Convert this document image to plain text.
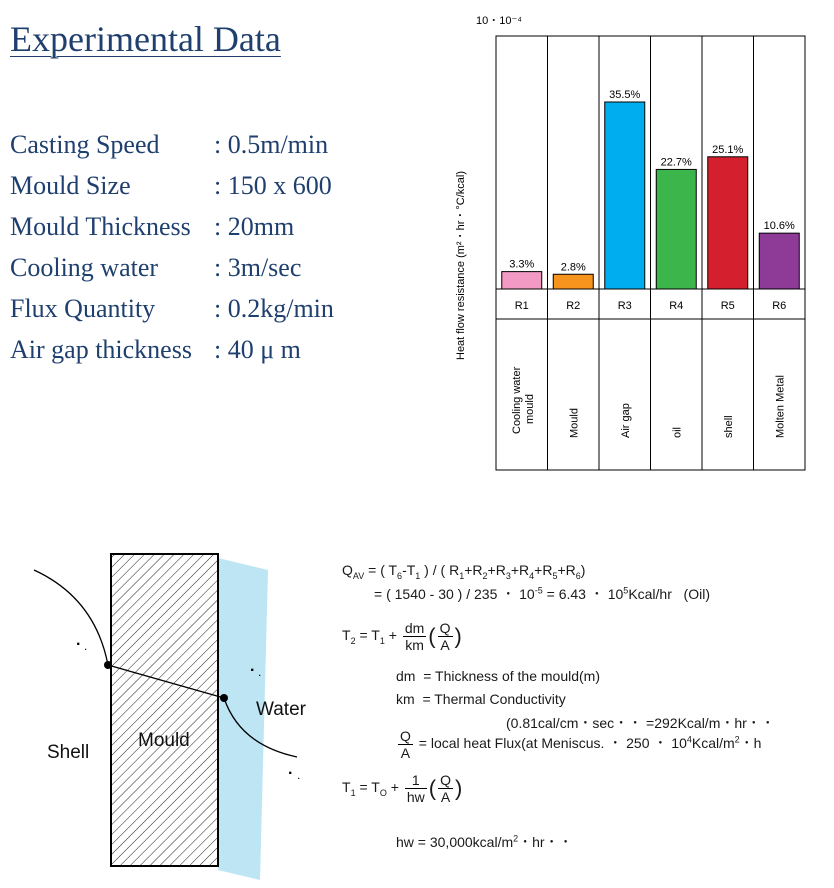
Experimental Data
Casting Speed : 0.5m/min
Mould Size	: 150 x 600
Mould Thickness : 20mm
Cooling water : 3m/sec
Flux Quantity : 0.2kg/min
Air gap thickness : 40 μ m
10・10⁻⁴
Heat flow resistance (m²・hr・°C/kcal)	3.3%
R1
Cooling watermould
2.8%
R2
Mould
35.5%
R3
Air gap
22.7%
R4
oil
25.1%
R5
shell
10.6%
R6
Molten Metal
. .
. .
. .
Shell
Mould
Water
$Q_{AV}$ = ( $T_6-T_1$ ) / ( $R_1+R_2+R_3+R_4+R_5+R_6$)
= ( 1540 - 30 ) / 235 ・ $10^{-5} = 6.43$ ・ $10^5Kcal/hr$   (Oil)
$T_2 = T_1 + \frac{dm}{km}$ ( $\frac{Q}{A}$ )
dm  = Thickness of the mould(m)
km  = Thermal Conductivity
(0.81cal/cm・sec・・ =292Kcal/m・hr・・
$\frac{Q}{A}$ = local heat Flux(at Meniscus. ・ 250 ・ $10^4Kcal/m^2$・h
$T_1 = T_O + \frac{1}{hw}$ ( $\frac{Q}{A}$ )
hw = $30,000kcal/m^2$・hr・・
